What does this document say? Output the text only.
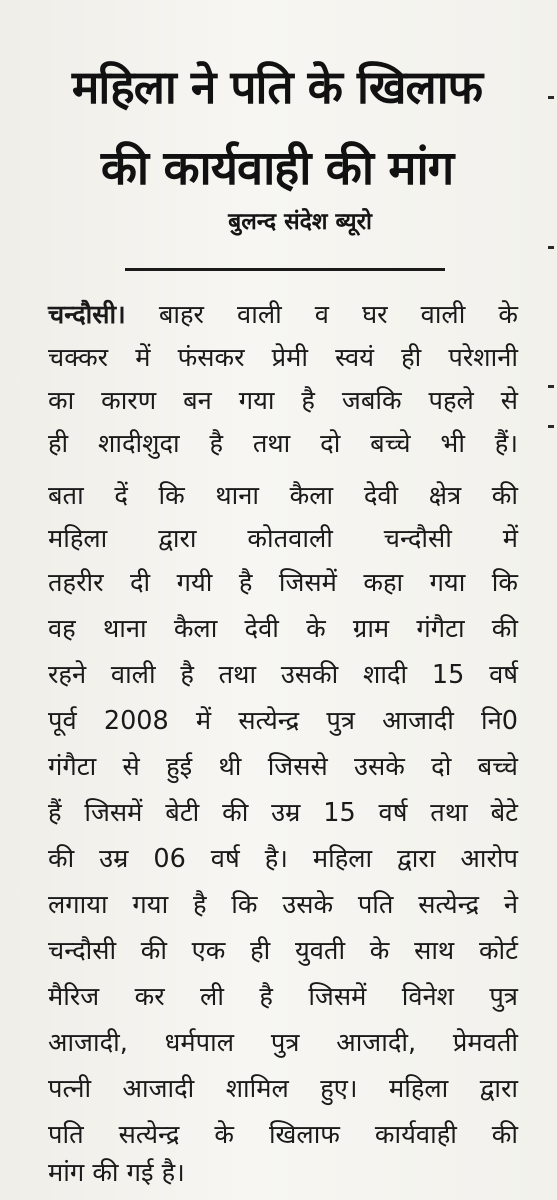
महिला ने पति के खिलाफ
की कार्यवाही की मांग
बुलन्द संदेश ब्यूरो
चन्दौसी। बाहर वाली व घर वाली के
चक्कर में फंसकर प्रेमी स्वयं ही परेशानी
का कारण बन गया है जबकि पहले से
ही शादीशुदा है तथा दो बच्चे भी हैं।
बता दें कि थाना कैला देवी क्षेत्र की
महिला द्वारा कोतवाली चन्दौसी में
तहरीर दी गयी है जिसमें कहा गया कि
वह थाना कैला देवी के ग्राम गंगैटा की
रहने वाली है तथा उसकी शादी 15 वर्ष
पूर्व 2008 में सत्येन्द्र पुत्र आजादी नि0
गंगैटा से हुई थी जिससे उसके दो बच्चे
हैं जिसमें बेटी की उम्र 15 वर्ष तथा बेटे
की उम्र 06 वर्ष है। महिला द्वारा आरोप
लगाया गया है कि उसके पति सत्येन्द्र ने
चन्दौसी की एक ही युवती के साथ कोर्ट
मैरिज कर ली है जिसमें विनेश पुत्र
आजादी, धर्मपाल पुत्र आजादी, प्रेमवती
पत्नी आजादी शामिल हुए। महिला द्वारा
पति सत्येन्द्र के खिलाफ कार्यवाही की
मांग की गई है।
